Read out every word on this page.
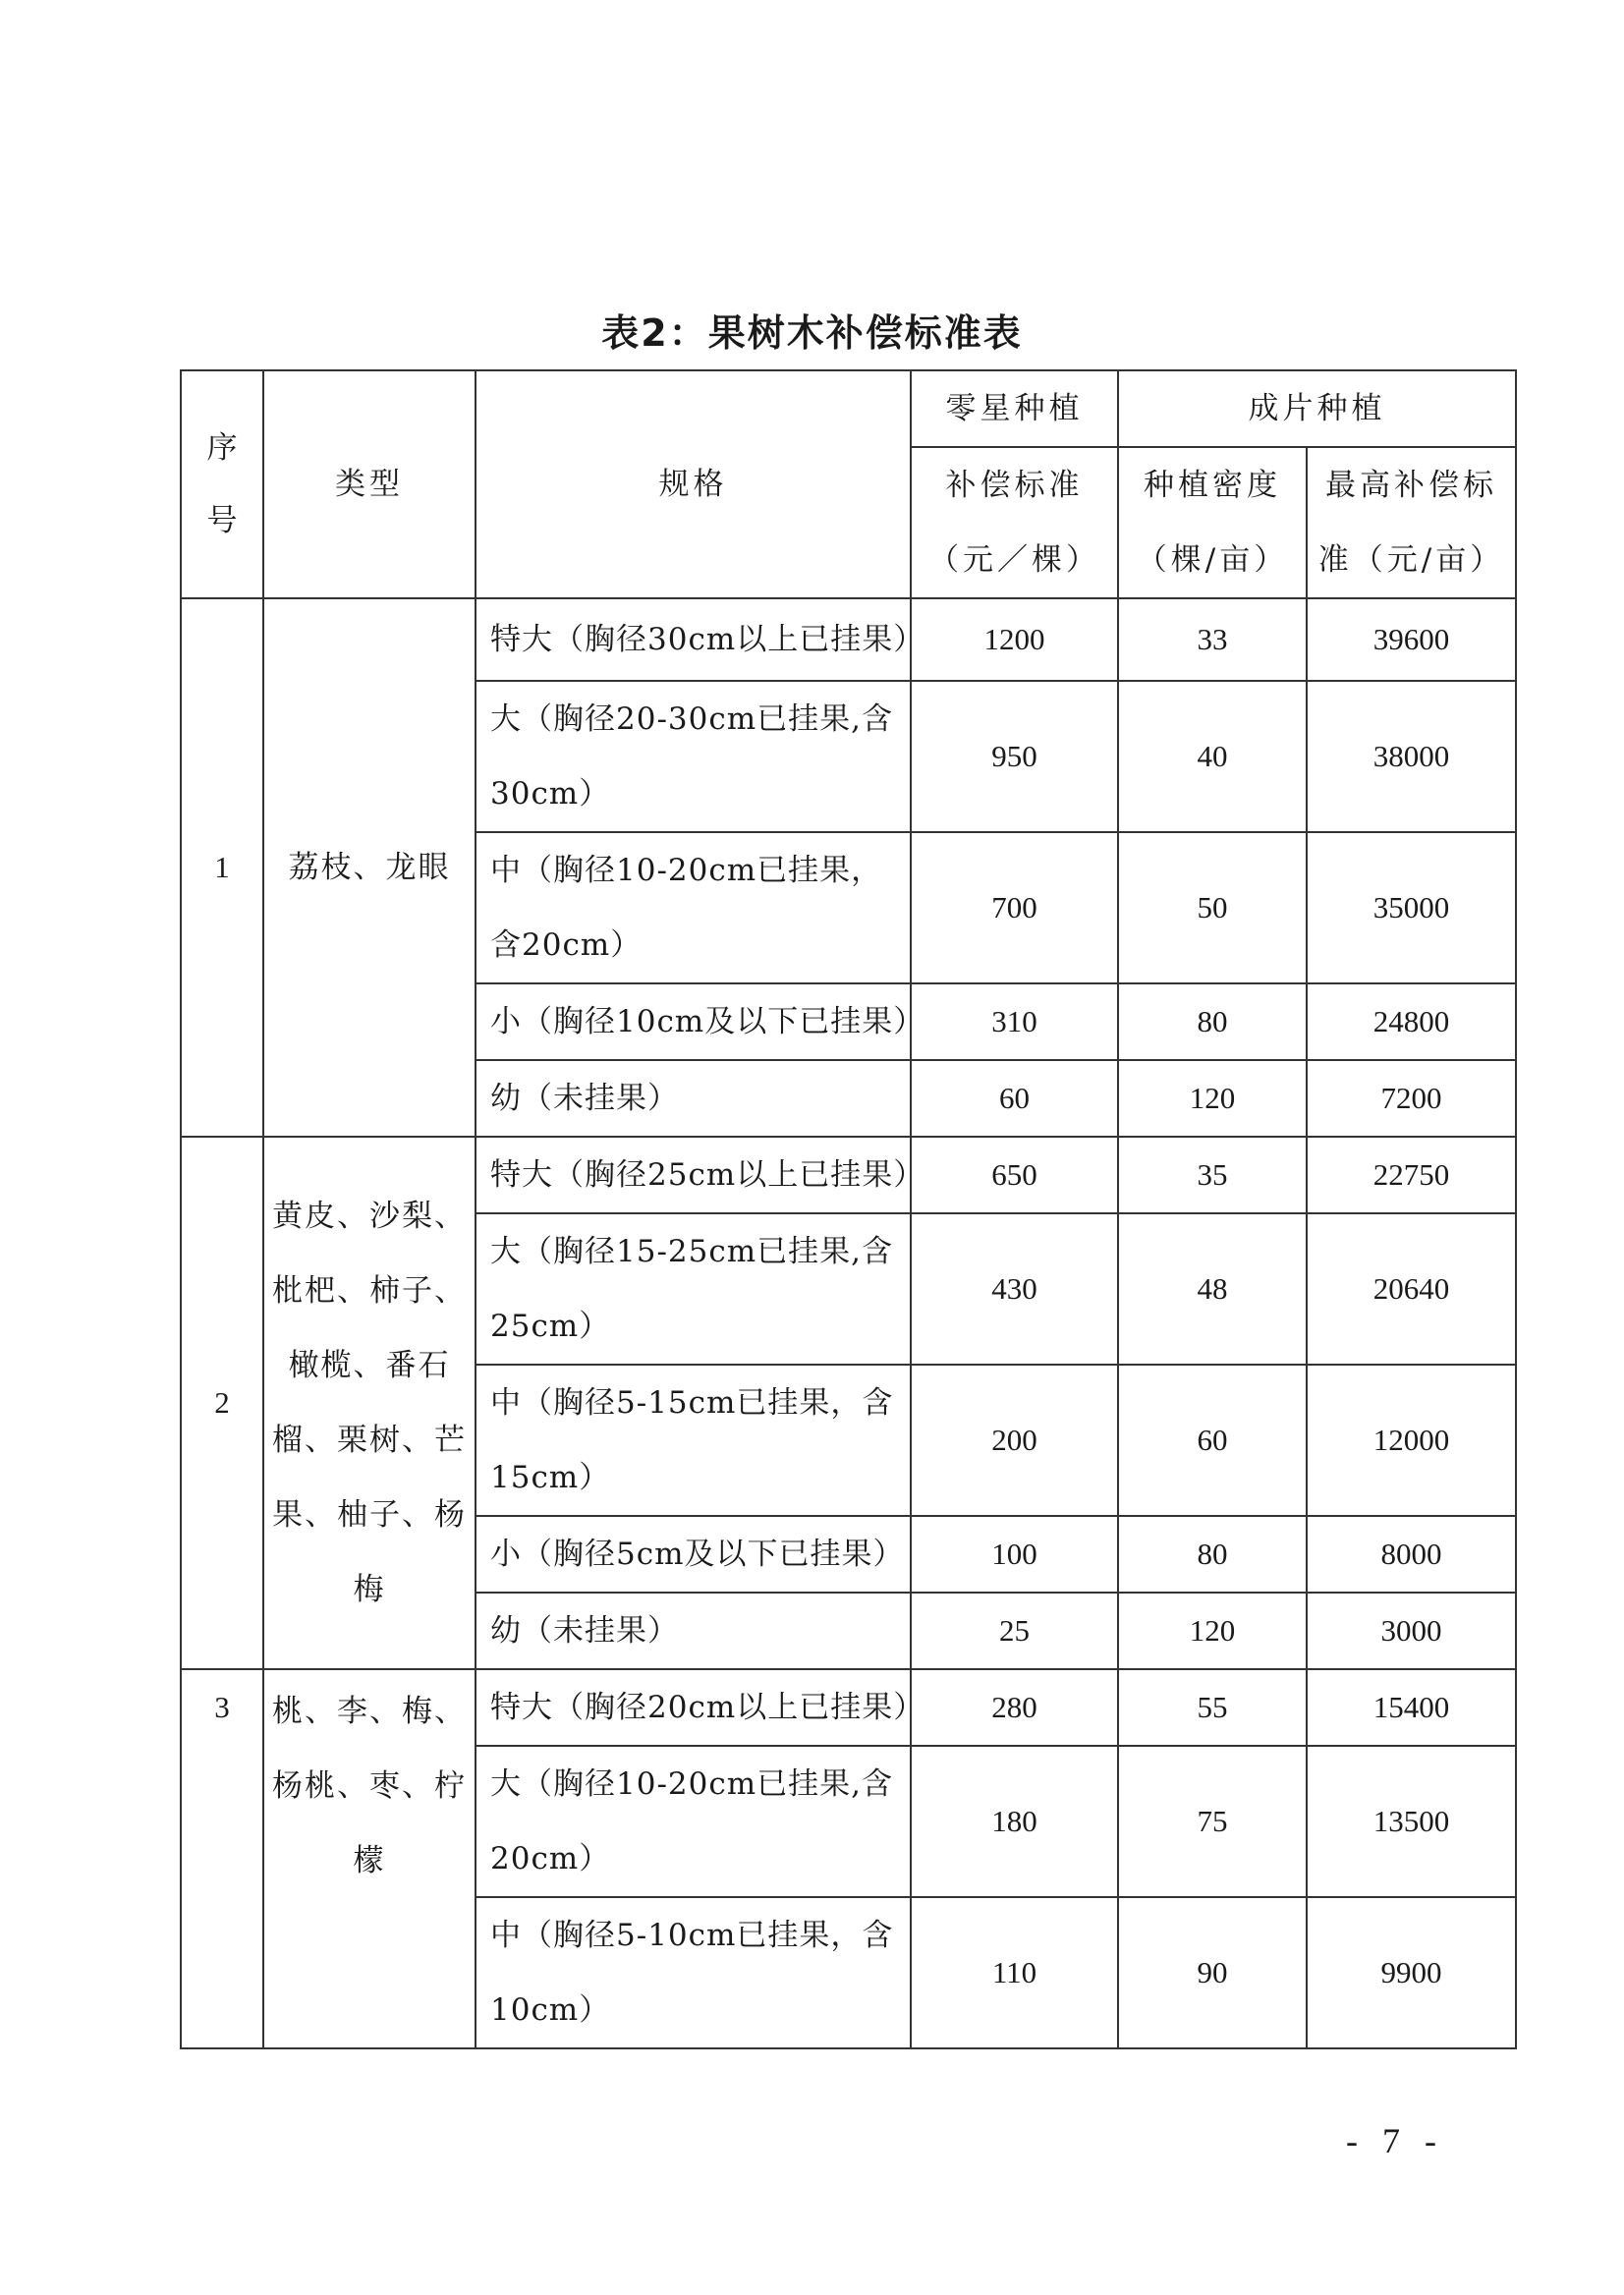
表2：果树木补偿标准表
序号	类型	规格	零星种植	成片种植	
			补偿标准（元／棵）	种植密度（棵/亩）	最高补偿标准（元/亩）

1	荔枝、龙眼	特大（胸径30cm以上已挂果）	1200	33	39600
		大（胸径20-30cm已挂果,含30cm）	950	40	38000
		中（胸径10-20cm已挂果，含20cm）	700	50	35000
		小（胸径10cm及以下已挂果）	310	80	24800
		幼（未挂果）	60	120	7200
2	黄皮、沙梨、枇杷、柿子、橄榄、番石榴、栗树、芒果、柚子、杨梅	特大（胸径25cm以上已挂果）	650	35	22750
		大（胸径15-25cm已挂果,含25cm）	430	48	20640
		中（胸径5-15cm已挂果，含15cm）	200	60	12000
		小（胸径5cm及以下已挂果）	100	80	8000
		幼（未挂果）	25	120	3000
3	桃、李、梅、杨桃、枣、柠檬	特大（胸径20cm以上已挂果）	280	55	15400
		大（胸径10-20cm已挂果,含20cm）	180	75	13500
		中（胸径5-10cm已挂果，含10cm）	110	90	9900
- 7 -
